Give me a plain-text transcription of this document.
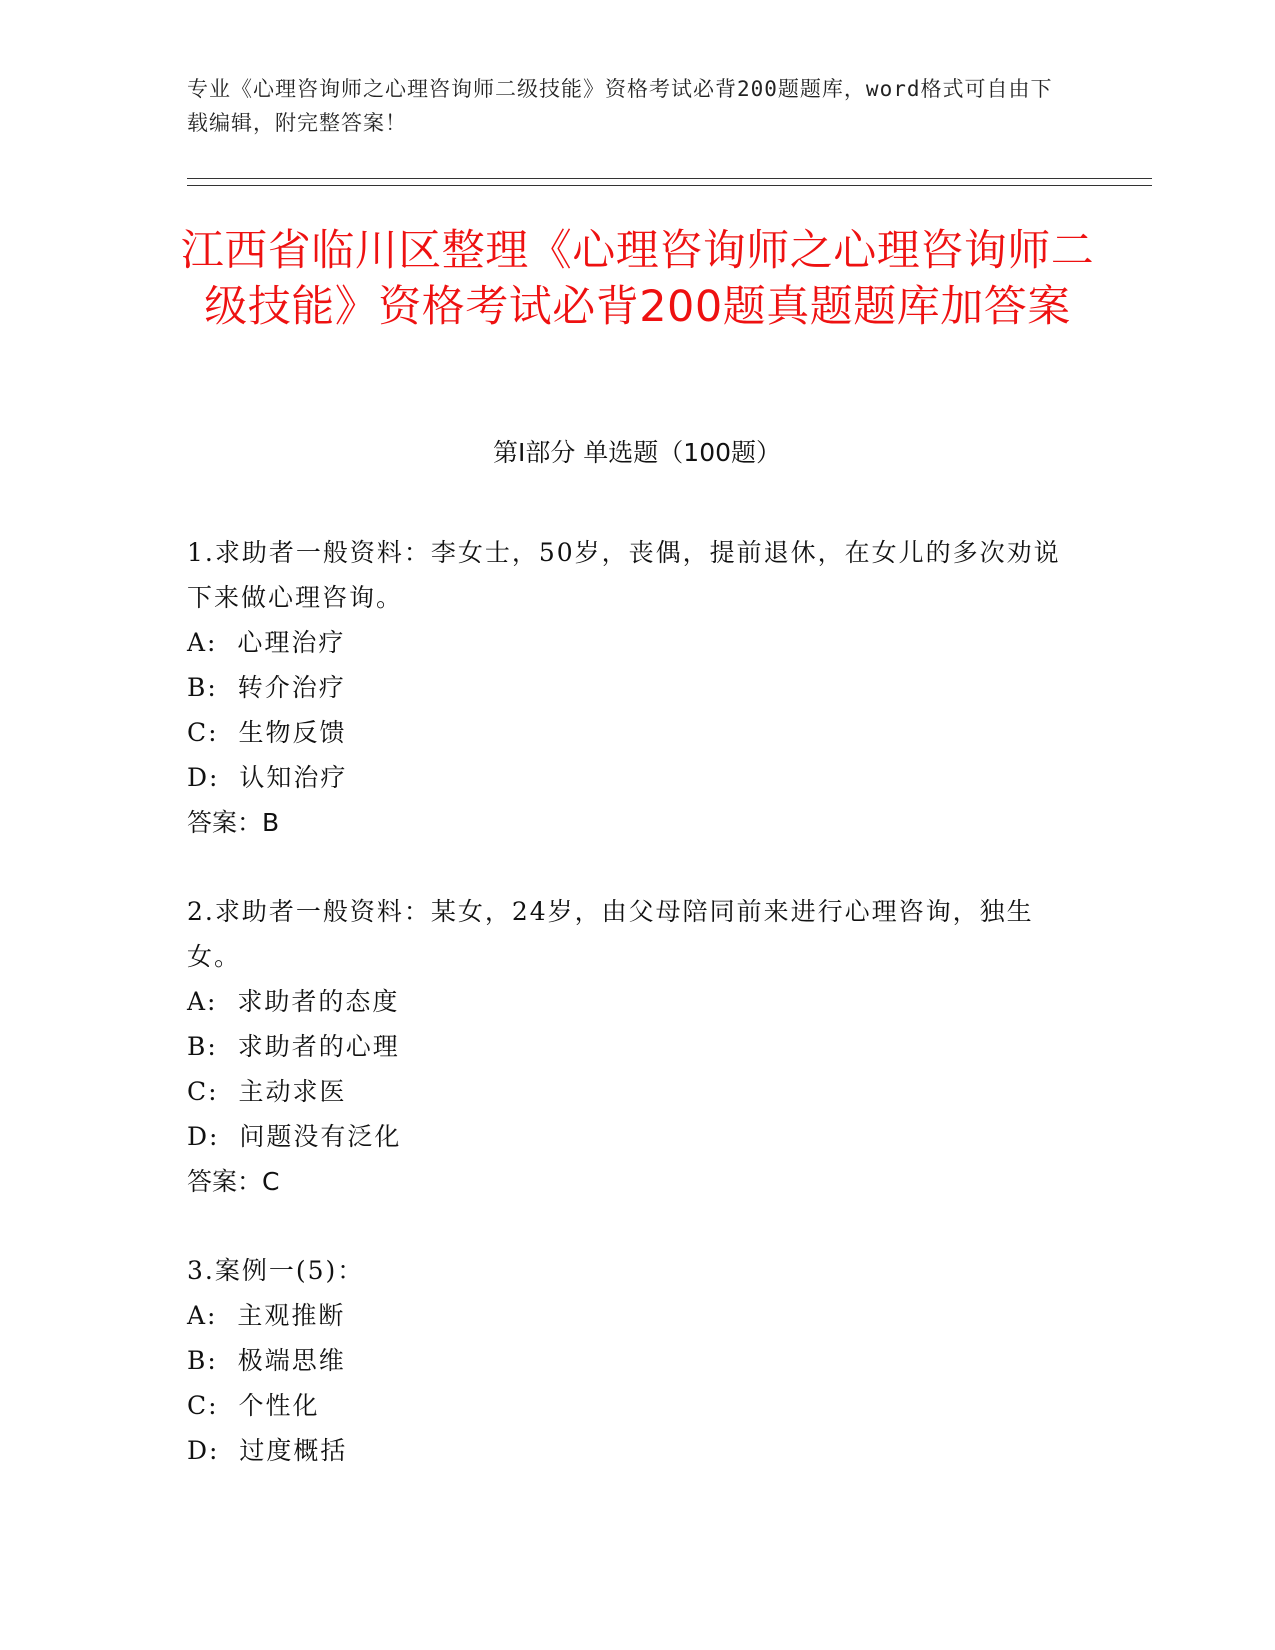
专业《心理咨询师之心理咨询师二级技能》资格考试必背200题题库，word格式可自由下载编辑，附完整答案！
江西省临川区整理《心理咨询师之心理咨询师二级技能》资格考试必背200题真题题库加答案
第Ⅰ部分 单选题（100题）

1.求助者一般资料：李女士，50岁，丧偶，提前退休，在女儿的多次劝说下来做心理咨询。

A:  心理治疗

B:  转介治疗

C:  生物反馈

D:  认知治疗

答案：B

2.求助者一般资料：某女，24岁，由父母陪同前来进行心理咨询，独生女。

A:  求助者的态度

B:  求助者的心理

C:  主动求医

D:  问题没有泛化

答案：C

3.案例一(5)：

A:  主观推断

B:  极端思维

C:  个性化

D:  过度概括
